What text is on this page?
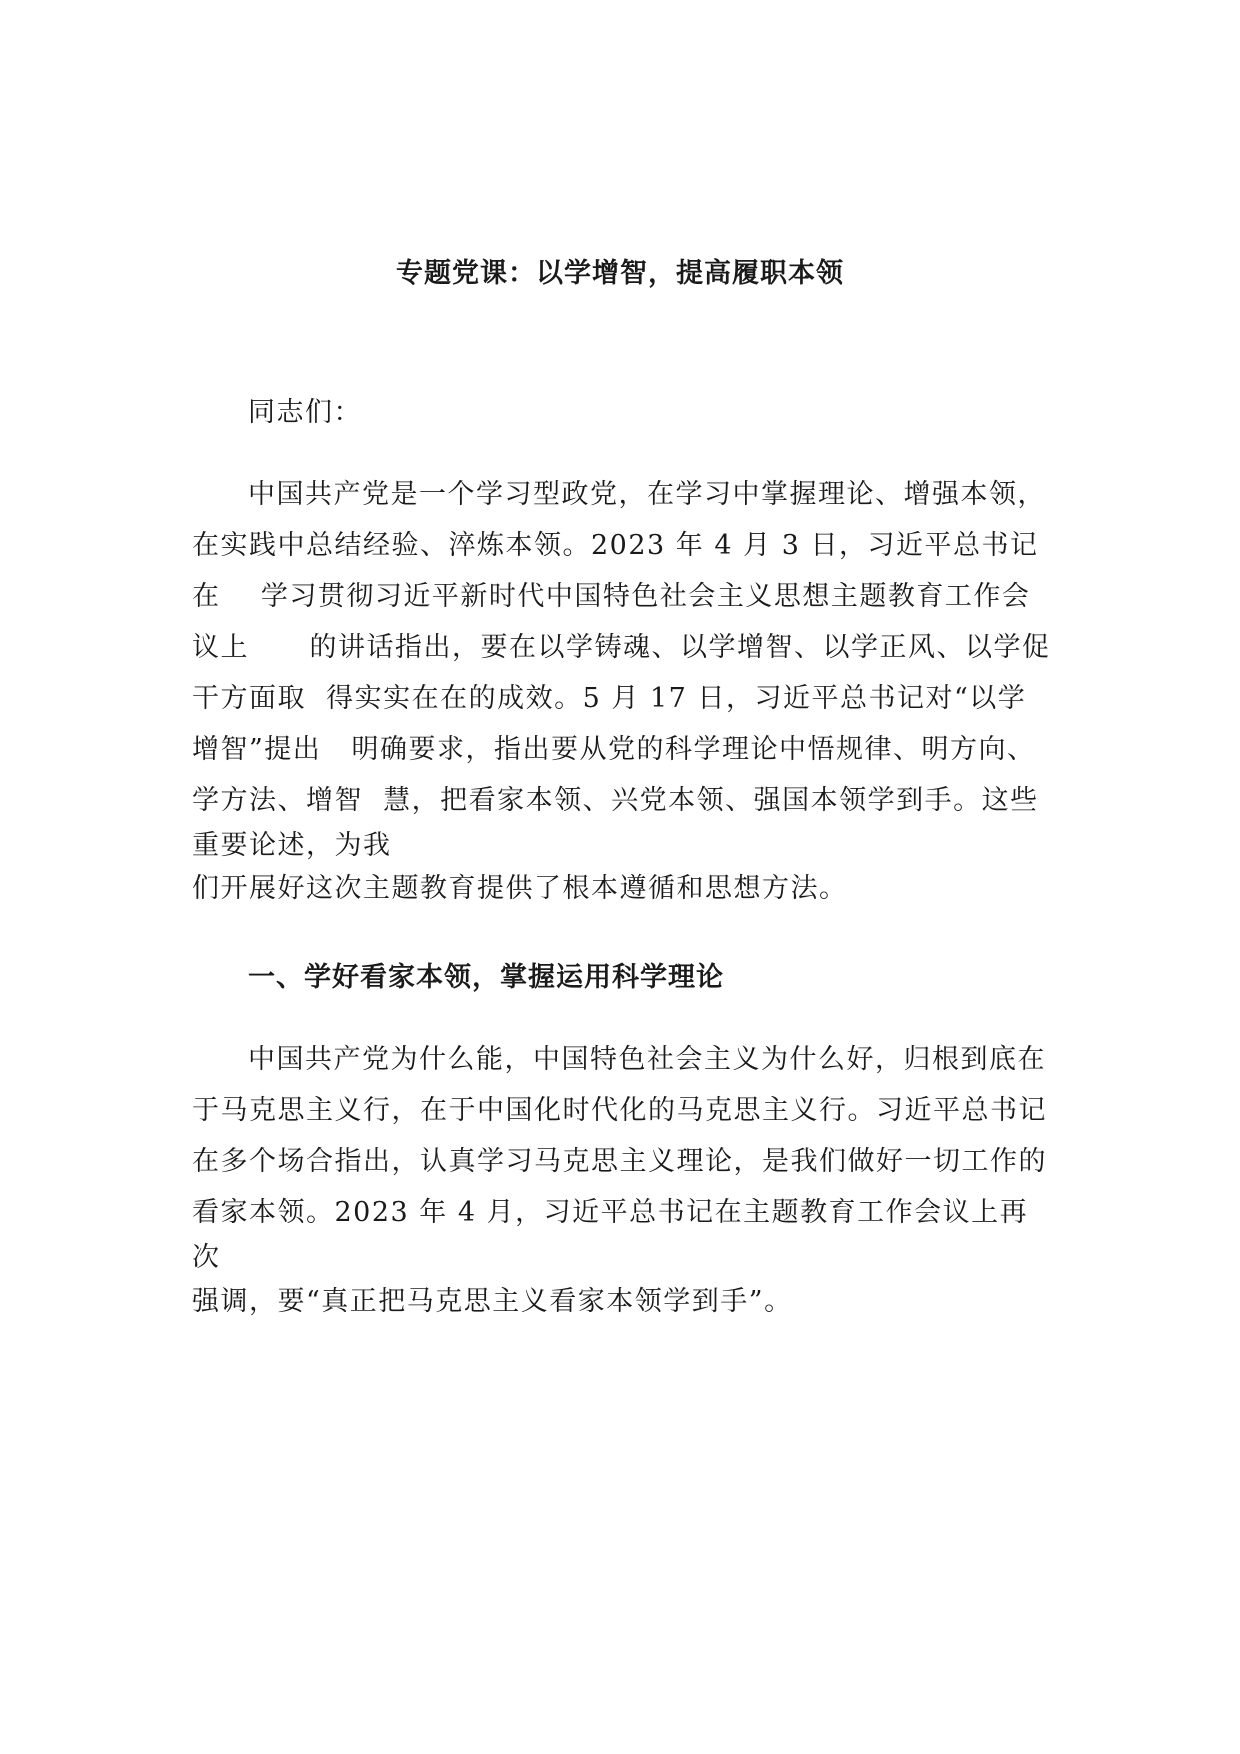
专题党课：以学增智，提高履职本领
同志们：
中国共产党是一个学习型政党，在学习中掌握理论、增强本领，
在实践中总结经验、淬炼本领。2023 年 4 月 3 日，习近平总书记
在    学习贯彻习近平新时代中国特色社会主义思想主题教育工作会
议上      的讲话指出，要在以学铸魂、以学增智、以学正风、以学促
干方面取  得实实在在的成效。5 月 17 日，习近平总书记对“以学
增智”提出   明确要求，指出要从党的科学理论中悟规律、明方向、
学方法、增智  慧，把看家本领、兴党本领、强国本领学到手。这些
重要论述，为我
们开展好这次主题教育提供了根本遵循和思想方法。
一、学好看家本领，掌握运用科学理论
中国共产党为什么能，中国特色社会主义为什么好，归根到底在
于马克思主义行，在于中国化时代化的马克思主义行。习近平总书记
在多个场合指出，认真学习马克思主义理论，是我们做好一切工作的
看家本领。2023 年 4 月，习近平总书记在主题教育工作会议上再
次
强调，要“真正把马克思主义看家本领学到手”。
